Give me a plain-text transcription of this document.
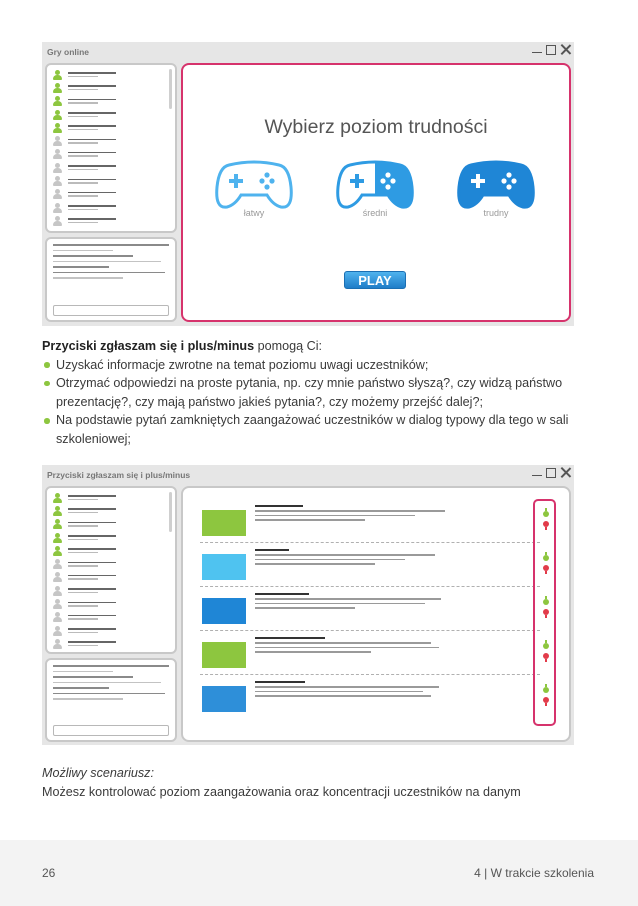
Gry online
Wybierz poziom trudności
łatwy	średni	trudny
PLAY

Przyciski zgłaszam się i plus/minus pomogą Ci:

Uzyskać informacje zwrotne na temat poziomu uwagi uczestników;
Otrzymać odpowiedzi na proste pytania, np. czy mnie państwo słyszą?, czy widzą państwo prezentację?, czy mają państwo jakieś pytania?, czy możemy przejść dalej?;
Na podstawie pytań zamkniętych zaangażować uczestników w dialog typowy dla tego w sali szkoleniowej;
Przyciski zgłaszam się i plus/minus

Możliwy scenariusz:

Możesz kontrolować poziom zaangażowania oraz koncentracji uczestników na danym

26	4 | W trakcie szkolenia
